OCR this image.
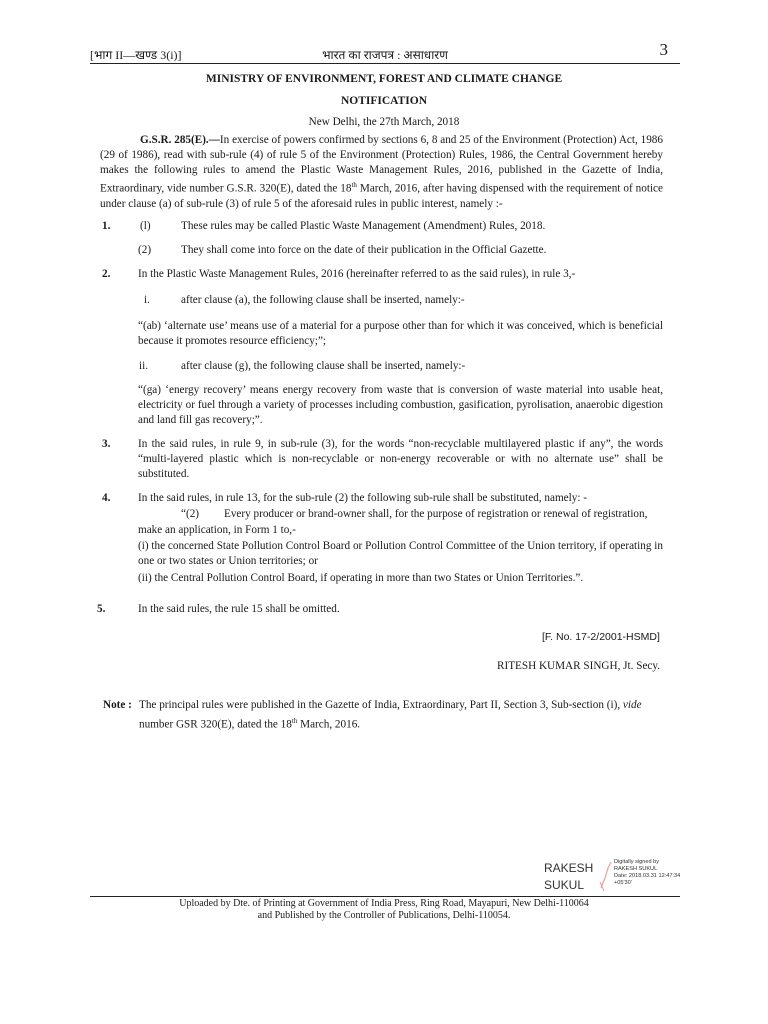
[भाग II—खण्ड 3(i)]	भारत का राजपत्र : असाधारण	3
MINISTRY OF ENVIRONMENT, FOREST AND CLIMATE CHANGE
NOTIFICATION
New Delhi, the 27th March, 2018
G.S.R. 285(E).—In exercise of powers confirmed by sections 6, 8 and 25 of the Environment (Protection) Act, 1986 (29 of 1986), read with sub-rule (4) of rule 5 of the Environment (Protection) Rules, 1986, the Central Government hereby makes the following rules to amend the Plastic Waste Management Rules, 2016, published in the Gazette of India, Extraordinary, vide number G.S.R. 320(E), dated the 18th March, 2016, after having dispensed with the requirement of notice under clause (a) of sub-rule (3) of rule 5 of the aforesaid rules in public interest, namely :-
1.	(l)	These rules may be called Plastic Waste Management (Amendment) Rules, 2018.
(2)	They shall come into force on the date of their publication in the Official Gazette.
2. In the Plastic Waste Management Rules, 2016 (hereinafter referred to as the said rules), in rule 3,-
i.	after clause (a), the following clause shall be inserted, namely:-
“(ab) ‘alternate use’ means use of a material for a purpose other than for which it was conceived, which is beneficial because it promotes resource efficiency;”;
ii.	after clause (g), the following clause shall be inserted, namely:-
“(ga) ‘energy recovery’ means energy recovery from waste that is conversion of waste material into usable heat, electricity or fuel through a variety of processes including combustion, gasification, pyrolisation, anaerobic digestion and land fill gas recovery;”.
3. In the said rules, in rule 9, in sub-rule (3), for the words “non-recyclable multilayered plastic if any”, the words “multi-layered plastic which is non-recyclable or non-energy recoverable or with no alternate use” shall be substituted.
4. In the said rules, in rule 13, for the sub-rule (2) the following sub-rule shall be substituted, namely: -
“(2) Every producer or brand-owner shall, for the purpose of registration or renewal of registration,
make an application, in Form 1 to,-
(i) the concerned State Pollution Control Board or Pollution Control Committee of the Union territory, if operating in one or two states or Union territories; or
(ii) the Central Pollution Control Board, if operating in more than two States or Union Territories.”.
5.	In the said rules, the rule 15 shall be omitted.
[F. No. 17-2/2001-HSMD]
RITESH KUMAR SINGH, Jt. Secy.
Note : The principal rules were published in the Gazette of India, Extraordinary, Part II, Section 3, Sub-section (i), vide
number GSR 320(E), dated the 18th March, 2016.
RAKESH
SUKUL
Digitally signed by
RAKESH SUKUL
Date: 2018.03.31 12:47:34
+05'30'
Uploaded by Dte. of Printing at Government of India Press, Ring Road, Mayapuri, New Delhi-110064
and Published by the Controller of Publications, Delhi-110054.
